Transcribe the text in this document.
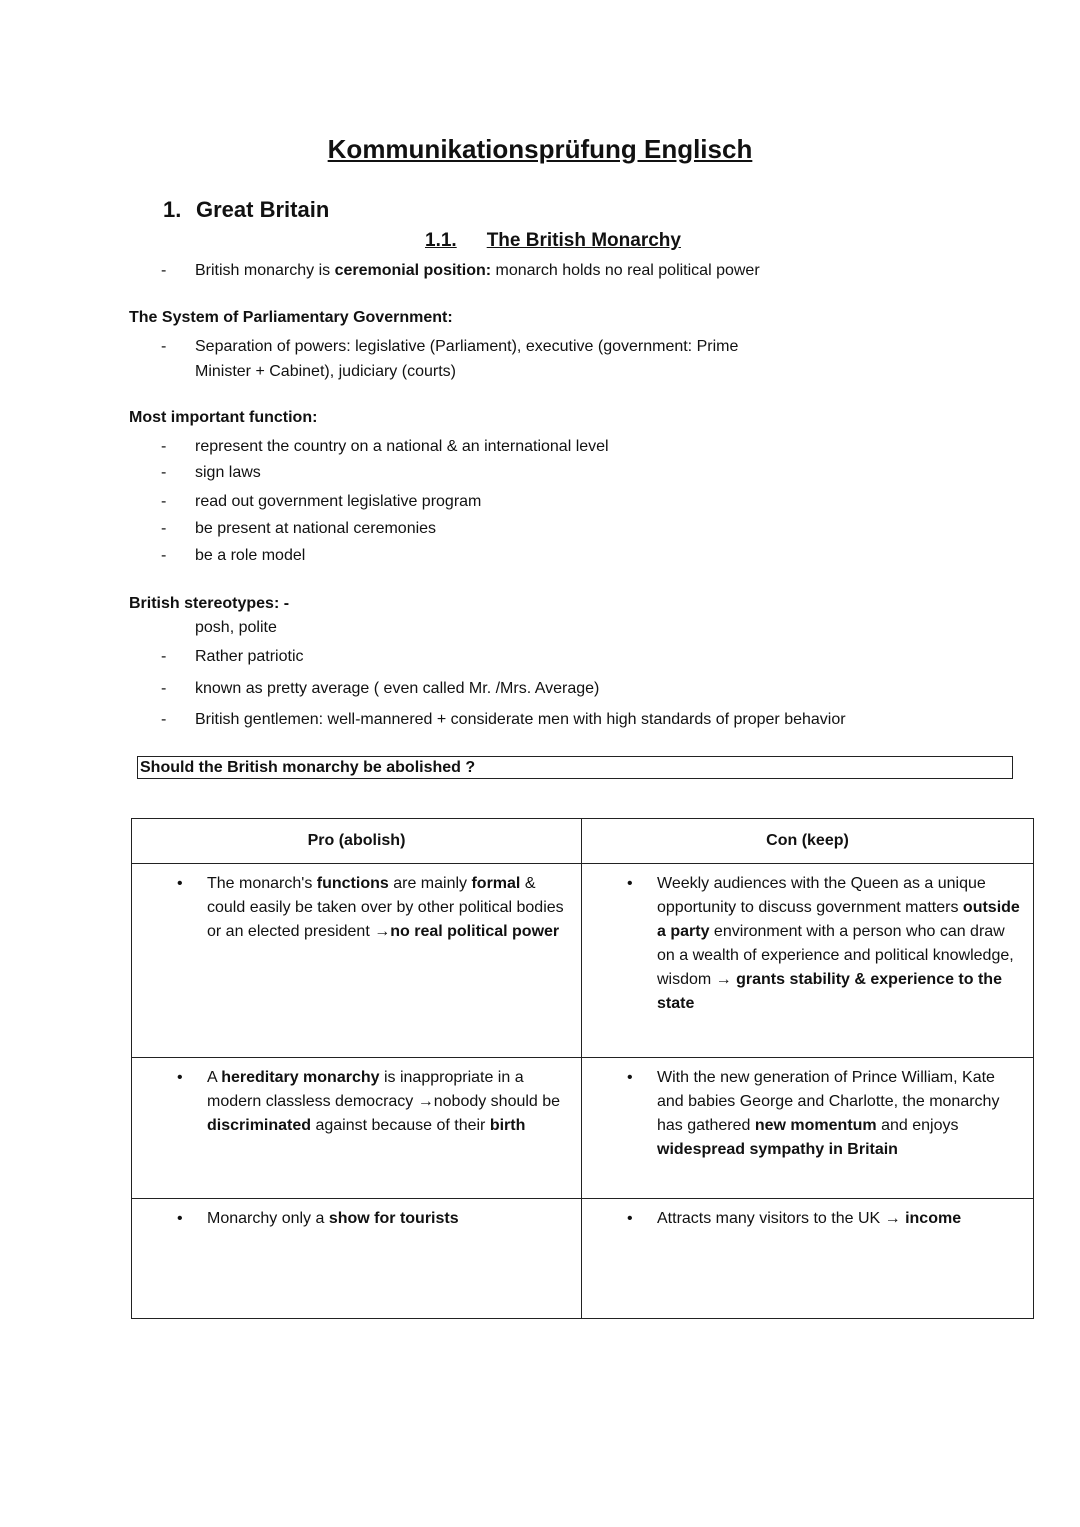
Kommunikationsprüfung Englisch
1. Great Britain
1.1. The British Monarchy
- British monarchy is ceremonial position: monarch holds no real political power
The System of Parliamentary Government:
- Separation of powers: legislative (Parliament), executive (government: Prime
Minister + Cabinet), judiciary (courts)
Most important function:
- represent the country on a national & an international level
- sign laws
- read out government legislative program
- be present at national ceremonies
- be a role model
British stereotypes: -
posh, polite
- Rather patriotic
- known as pretty average ( even called Mr. /Mrs. Average)
- British gentlemen: well-mannered + considerate men with high standards of proper behavior
Should the British monarchy be abolished ?
Pro (abolish)	Con (keep)

• The monarch's functions are mainly formal & could easily be taken over by other political bodies or an elected president →no real political power	• Weekly audiences with the Queen as a unique opportunity to discuss government matters outside a party environment with a person who can draw on a wealth of experience and political knowledge, wisdom → grants stability & experience to the state

• A hereditary monarchy is inappropriate in a modern classless democracy →nobody should be discriminated against because of their birth	• With the new generation of Prince William, Kate and babies George and Charlotte, the monarchy has gathered new momentum and enjoys widespread sympathy in Britain

• Monarchy only a show for tourists	• Attracts many visitors to the UK → income
